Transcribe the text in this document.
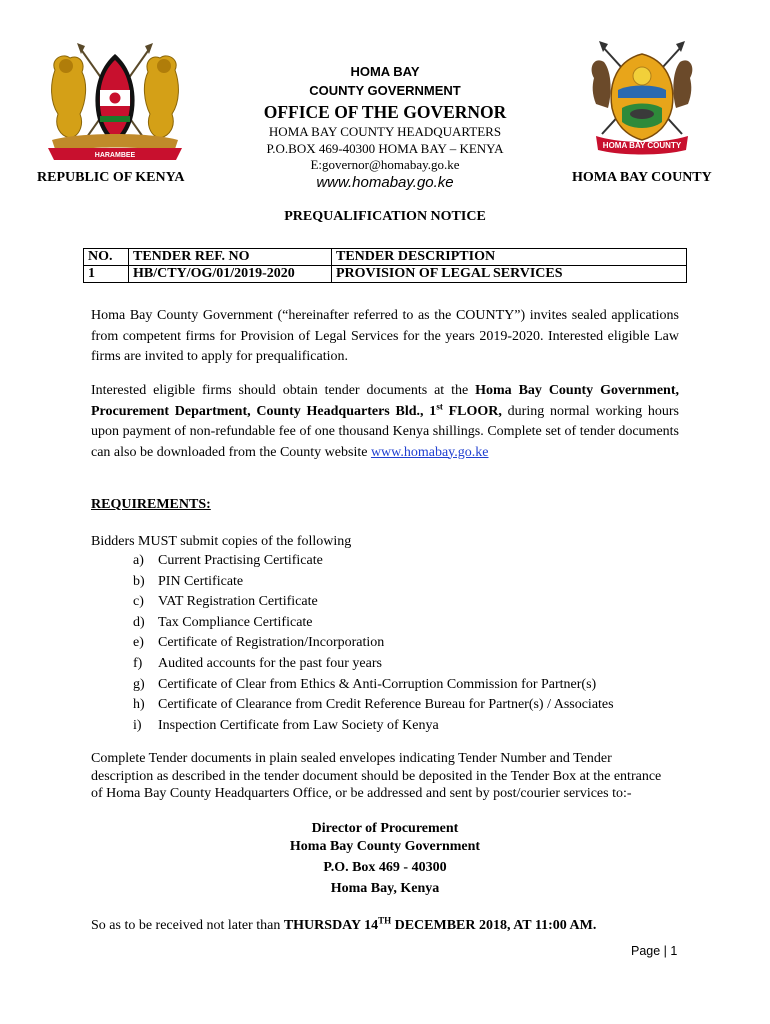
HARAMBEE
HOMA BAY COUNTY
HOMA BAY
COUNTY GOVERNMENT
OFFICE OF THE GOVERNOR
HOMA BAY COUNTY HEADQUARTERS
P.O.BOX 469-40300 HOMA BAY – KENYA
E:governor@homabay.go.ke
www.homabay.go.ke
REPUBLIC OF KENYA	HOMA BAY COUNTY
PREQUALIFICATION NOTICE
NO.	TENDER REF. NO	TENDER DESCRIPTION
1	HB/CTY/OG/01/2019-2020	PROVISION OF LEGAL SERVICES
Homa Bay County Government (“hereinafter referred to as the COUNTY”) invites sealed applications from competent firms for Provision of Legal Services for the years 2019-2020. Interested eligible Law firms are invited to apply for prequalification.
Interested eligible firms should obtain tender documents at the Homa Bay County Government, Procurement Department, County Headquarters Bld., 1st FLOOR, during normal working hours upon payment of non-refundable fee of one thousand Kenya shillings. Complete set of tender documents can also be downloaded from the County website www.homabay.go.ke
REQUIREMENTS:
Bidders MUST submit copies of the following
a) Current Practising Certificate
b) PIN Certificate
c) VAT Registration Certificate
d) Tax Compliance Certificate
e) Certificate of Registration/Incorporation
f) Audited accounts for the past four years
g) Certificate of Clear from Ethics & Anti-Corruption Commission for Partner(s)
h) Certificate of Clearance from Credit Reference Bureau for Partner(s) / Associates
i) Inspection Certificate from Law Society of Kenya
Complete Tender documents in plain sealed envelopes indicating Tender Number and Tender description as described in the tender document should be deposited in the Tender Box at the entrance of Homa Bay County Headquarters Office, or be addressed and sent by post/courier services to:-
Director of Procurement
Homa Bay County Government
P.O. Box 469 - 40300
Homa Bay, Kenya
So as to be received not later than THURSDAY 14TH DECEMBER 2018, AT 11:00 AM.
Page | 1
